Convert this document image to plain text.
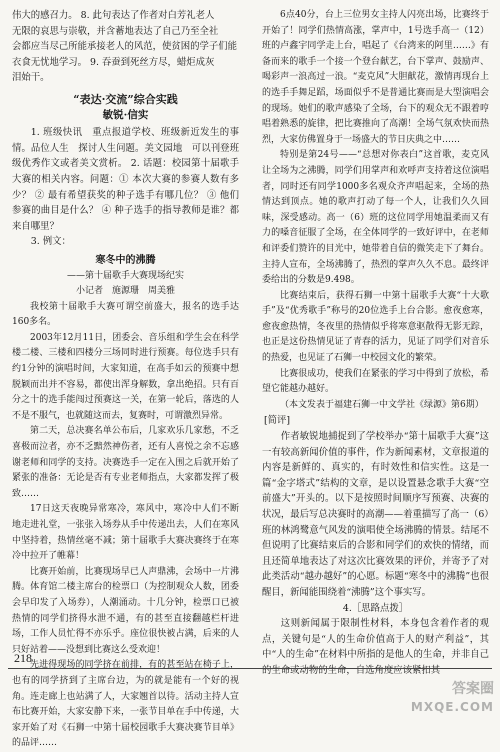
伟大的感召力。 8. 此句表达了作者对白芳礼老人

无限的哀思与崇敬，并含蓄地表达了自己乃至全社

会都应当尽己所能承接老人的风范，使贫困的学子们能

衣食无忧地学习。 9. 吞蚕到死丝方尽，蜡炬成灰

泪始干。

“表达·交流”综合实践
敏锐·信实

1. 班级快讯　重点报道学校、班级新近发生的事情。品位人生　探讨人生问题。美文园地　可以刊登班级优秀作文或者美文赏析。 2. 话题：校园第十届歌手大赛的相关内容。问题：① 本次大赛的参赛人数有多少？ ② 最有希望获奖的种子选手有哪几位？ ③ 他们参赛的曲目是什么？ ④ 种子选手的指导教师是谁？都来自哪里？

3. 例文：

寒冬中的沸腾
——第十届歌手大赛现场纪实
小记者　施源珊　周美雅

我校第十届歌手大赛可谓空前盛大，报名的选手达160多名。

2003年12月11日，团委会、音乐组和学生会在科学楼二楼、三楼和四楼分三场同时进行预赛。每位选手只有约1分钟的演唱时间，大家知道，在高手如云的预赛中想脱颖而出并不容易，都使出浑身解数，拿出绝招。只有百分之十的选手能闯过预赛这一关，在第一轮后，落选的人不是不服气，也就随这而去，复赛时，可谓激烈异常。

第二天，总决赛名单公布后，几家欢乐几家愁，不乏喜极而泣者，亦不乏黯然神伤者，还有人喜悦之余不忘感谢老师和同学的支持。决赛选手一定在入围之后就开始了紧张的准备：无论是否有专业老师指点，大家都发挥了极致……

17日这天夜晚异常寒冷，寒风中，寒冷中人们不断地走进礼堂，一张张入场券从手中传递出去，人们在寒风中坚持着，热情丝毫不减；第十届歌手大赛决赛终于在寒冷中拉开了帷幕！

比赛开始前，比赛现场早已人声鼎沸，会场中一片沸腾。体育馆二楼主席台的检票口（为控制观众人数，团委会早印发了入场券），人潮涌动。十几分钟，检票口已被热情的同学们挤得水泄不通，有的甚至直接翻越栏杆进场，工作人员忙得不亦乐乎。座位很快被占满，后来的人只好站着——没想到比赛这么受欢迎！

先进得现场的同学挤在前排，有的甚至站在椅子上，也有的同学挤到了主席台边，为的就是能有一个好的视角。连走廊上也站满了人，大家翘首以待。活动主持人宣布比赛开始，大家安静下来，一张节目单在手中传递，大家开始了对《石狮一中第十届校园歌手大赛决赛节目单》的品评……

6点40分，台上三位男女主持人闪亮出场，比赛终于开始了！同学们热情高涨，掌声中，1号选手高一（12）班的卢鑫宇同学走上台，唱起了《台湾来的阿里……》有备而来的歌手一个接一个登台献艺，台下掌声、鼓励声、喝彩声一浪高过一浪。“麦克风”大胆献花，激情再现台上的选手手舞足蹈，场面似乎不是普通比赛而是大型演唱会的现场。她们的歌声感染了全场，台下的观众无不跟着哼唱着熟悉的旋律，把比赛推向了高潮！全场气氛欢快而热烈，大家仿佛置身于一场盛大的节日庆典之中……

特别是第24号——“总想对你表白”这首歌，麦克风让全场为之沸腾，同学们用掌声和欢呼声支持着这位演唱者，同时还有同学1000多名观众齐声唱起来，全场的热情达到顶点。她的歌声打动了每一个人，让我们久久回味，深受感动。高一（6）班的这位同学用她温柔而又有力的嗓音征服了全场，在全体同学的一致好评中，在老师和评委们赞许的目光中，她带着自信的微笑走下了舞台。主持人宣布，全场沸腾了，热烈的掌声久久不息。最终评委给出的分数是9.498。

比赛结束后，获得石狮一中第十届歌手大赛“十大歌手”及“优秀歌手”称号的20位选手上台合影。愈夜愈寒，愈夜愈热情，冬夜里的热情似乎将寒意驱散得无影无踪，也正是这份热情见证了青春的活力，见证了同学们对音乐的热爱，也见证了石狮一中校园文化的繁荣。

比赛很成功，使我们在紧张的学习中得到了放松，希望它能越办越好。

（本文发表于福建石狮一中文学社《绿源》第6期）

[简评]

作者敏锐地捕捉到了学校举办“第十届歌手大赛”这一有较高新闻价值的事件，作为新闻素材，文章报道的内容是新鲜的、真实的，有时效性和信实性。这是一篇“金字塔式”结构的文章，是以设置悬念歌手大赛“空前盛大”开头的。以下是按照时间顺序写预赛、决赛的状况，最后写总决赛时的高潮——着重描写了高一（6）班的林鸿鹭意气风发的演唱使全场沸腾的情景。结尾不但说明了比赛结束后的合影和同学们的欢快的情绪，而且还简单地表达了对这次比赛效果的评价，并寄予了对此类活动“越办越好”的心愿。标题“寒冬中的沸腾”也很醒目，新闻能围绕着“沸腾”这个事实写。

4.［思路点拨］

这则新闻属于限制性材料，本身包含着作者的观点，关键句是“人的生命价值高于人的财产利益”，其中“人的生命”在材料中所指的是他人的生命，并非自己的生命或动物的生命，自选角度应该紧扣其

218
答案圈
MXQE.COM
